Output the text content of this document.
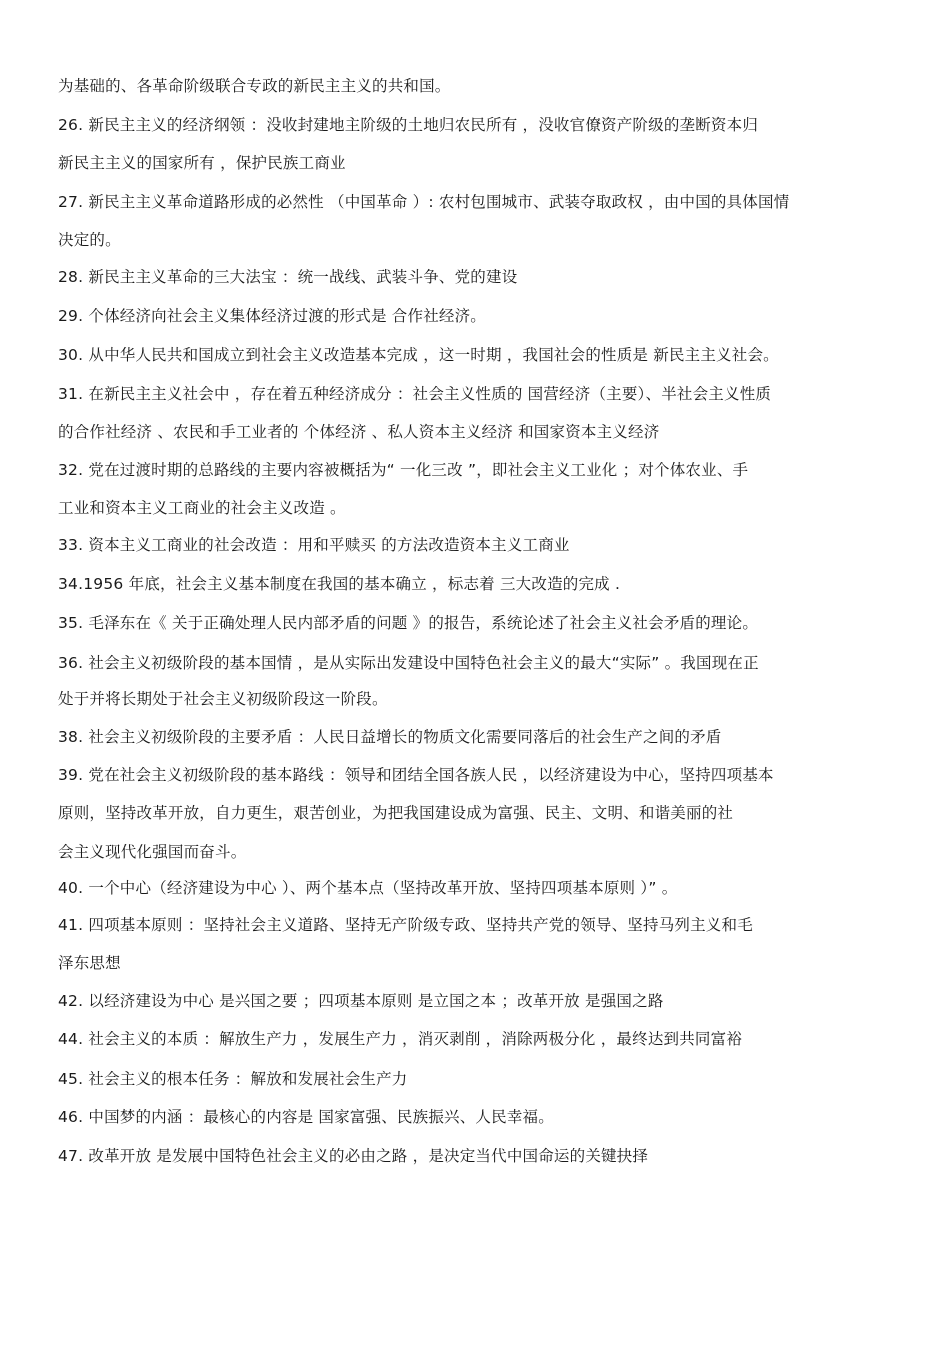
为基础的、各革命阶级联合专政的新民主主义的共和国。
26. 新民主主义的经济纲领 ：没收封建地主阶级的土地归农民所有 ，没收官僚资产阶级的垄断资本归
新民主主义的国家所有 ，保护民族工商业
27. 新民主主义革命道路形成的必然性 （中国革命 ）: 农村包围城市、武装夺取政权 ，由中国的具体国情
决定的。
28. 新民主主义革命的三大法宝 ：统一战线、武装斗争、党的建设
29. 个体经济向社会主义集体经济过渡的形式是 合作社经济。
30. 从中华人民共和国成立到社会主义改造基本完成 ，这一时期 ，我国社会的性质是 新民主主义社会。
31. 在新民主主义社会中 ，存在着五种经济成分 ：社会主义性质的 国营经济（主要）、半社会主义性质
的合作社经济 、农民和手工业者的 个体经济 、私人资本主义经济 和国家资本主义经济
32. 党在过渡时期的总路线的主要内容被概括为“ 一化三改 ”，即社会主义工业化 ；对个体农业、手
工业和资本主义工商业的社会主义改造 。
33. 资本主义工商业的社会改造 ：用和平赎买 的方法改造资本主义工商业
34.1956 年底，社会主义基本制度在我国的基本确立 ，标志着 三大改造的完成 .
35. 毛泽东在《 关于正确处理人民内部矛盾的问题 》的报告，系统论述了社会主义社会矛盾的理论。
36. 社会主义初级阶段的基本国情 ，是从实际出发建设中国特色社会主义的最大“实际” 。我国现在正
处于并将长期处于社会主义初级阶段这一阶段。
38. 社会主义初级阶段的主要矛盾 ：人民日益增长的物质文化需要同落后的社会生产之间的矛盾
39. 党在社会主义初级阶段的基本路线 ：领导和团结全国各族人民 ，以经济建设为中心，坚持四项基本
原则，坚持改革开放，自力更生，艰苦创业，为把我国建设成为富强、民主、文明、和谐美丽的社
会主义现代化强国而奋斗。
40. 一个中心（经济建设为中心 ）、两个基本点（坚持改革开放、坚持四项基本原则 ）” 。
41. 四项基本原则 ：坚持社会主义道路、坚持无产阶级专政、坚持共产党的领导、坚持马列主义和毛
泽东思想
42. 以经济建设为中心 是兴国之要 ；四项基本原则 是立国之本 ；改革开放 是强国之路
44. 社会主义的本质 ：解放生产力 ，发展生产力 ，消灭剥削 ，消除两极分化 ，最终达到共同富裕
45. 社会主义的根本任务 ：解放和发展社会生产力
46. 中国梦的内涵 ：最核心的内容是 国家富强、民族振兴、人民幸福。
47. 改革开放 是发展中国特色社会主义的必由之路 ，是决定当代中国命运的关键抉择
